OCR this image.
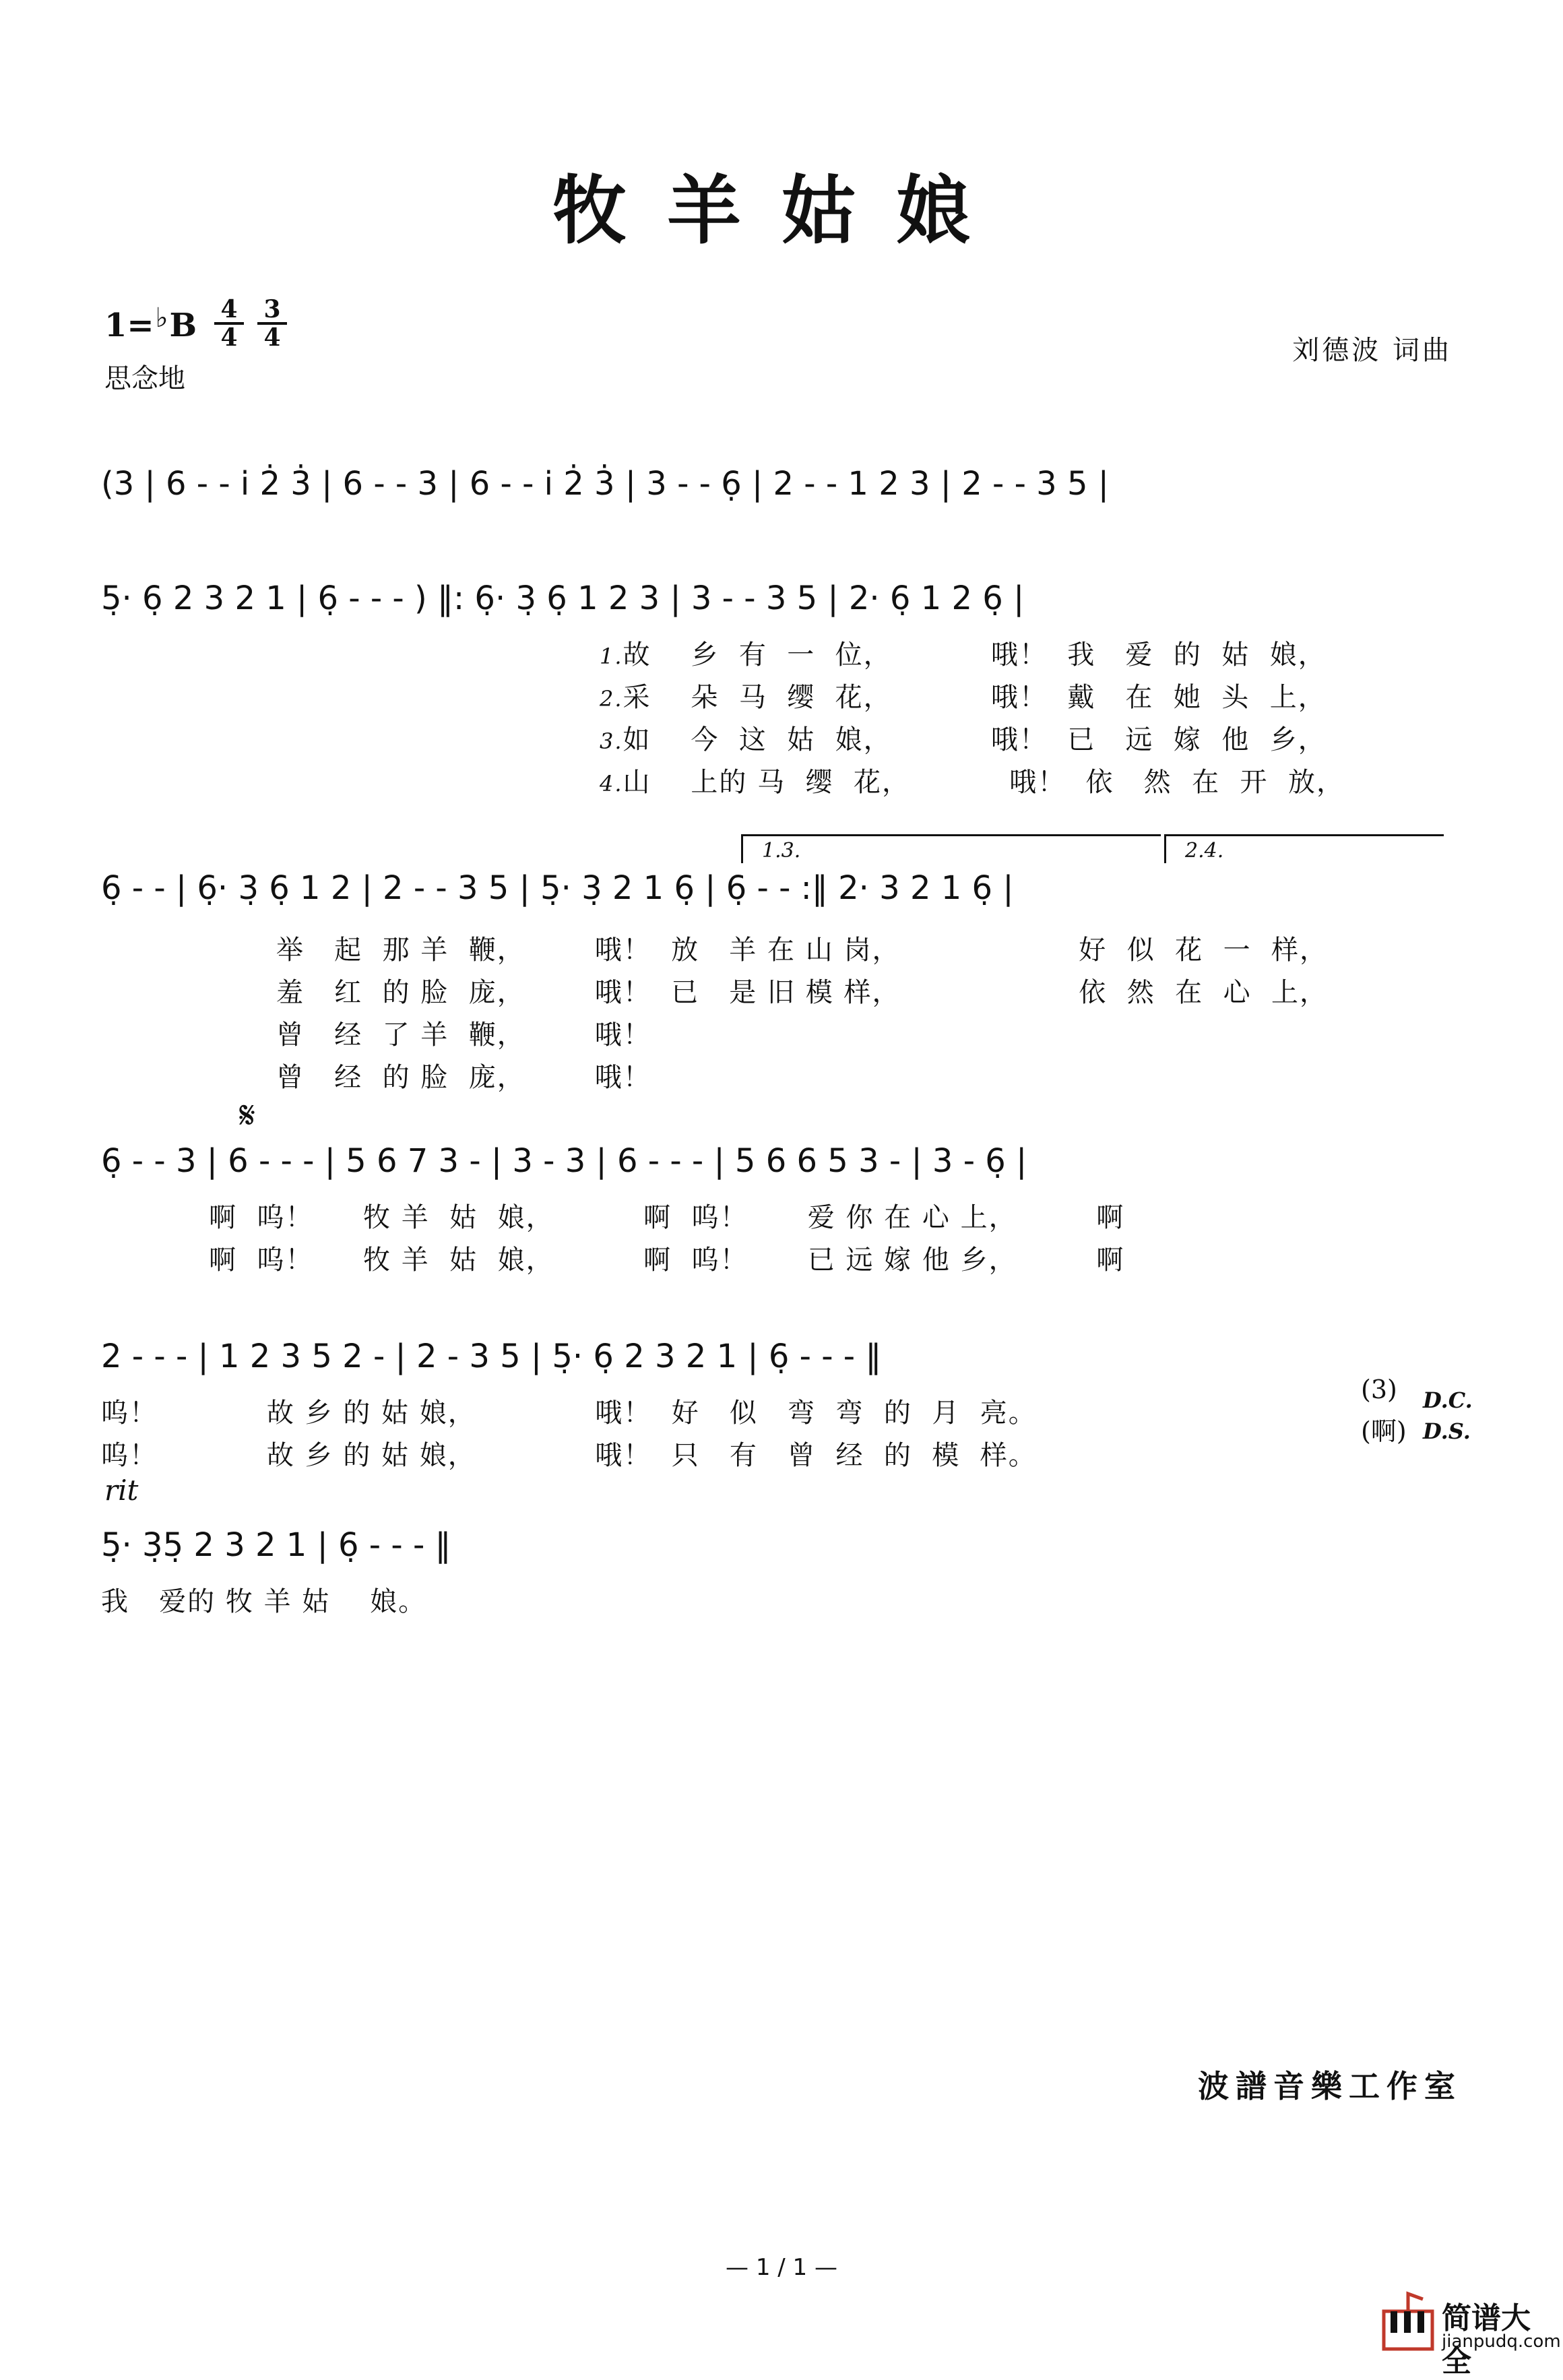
牧羊姑娘
1=♭B 4
4
3
4
思念地
刘德波 词曲
(3 | 6 - - i 2̇ 3̇ | 6 - - 3 | 6 - - i 2̇ 3̇ | 3 - - 6̣ | 2 - - 1 2 3 | 2 - - 3 5 |
5̣· 6̣ 2 3 2 1 | 6̣ - - - ) ‖: 6̣· 3̣ 6̣ 1 2 3 | 3 - - 3 5 | 2· 6̣ 1 2 6̣ |
1.故    乡  有  一  位，          哦！  我   爱  的  姑  娘，
2.采    朵  马  缨  花，          哦！  戴   在  她  头  上，
3.如    今  这  姑  娘，          哦！  已   远  嫁  他  乡，
4.山    上的 马  缨  花，          哦！  依   然  在  开  放，
1.3.	2.4.
6̣ - - | 6̣· 3̣ 6̣ 1 2 | 2 - - 3 5 | 5̣· 3̣ 2 1 6̣ | 6̣ - - :‖ 2· 3 2 1 6̣ |
举   起  那 羊  鞭，       哦！  放   羊 在 山 岗，                  好  似  花  一  样，
羞   红  的 脸  庞，       哦！  已   是 旧 模 样，                  依  然  在  心  上，
曾   经  了 羊  鞭，       哦！
曾   经  的 脸  庞，       哦！
𝄋
6̣ - - 3 | 6 - - - | 5 6 7 3 - | 3 - 3 | 6 - - - | 5 6 6 5 3 - | 3 - 6̣ |
啊  呜！     牧 羊  姑  娘，         啊  呜！      爱 你 在 心 上，        啊
啊  呜！     牧 羊  姑  娘，         啊  呜！      已 远 嫁 他 乡，        啊
2 - - - | 1 2 3 5 2 - | 2 - 3 5 | 5̣· 6̣ 2 3 2 1 | 6̣ - - - ‖
呜！           故 乡 的 姑 娘，            哦！  好   似   弯  弯  的  月  亮。
呜！           故 乡 的 姑 娘，            哦！  只   有   曾  经  的  模  样。
(3)
(啊)
D.C.
D.S.
rit
5̣· 3̣5̣ 2 3 2 1 | 6̣ - - - ‖
我   爱的 牧 羊 姑    娘。
波譜音樂工作室
— 1 / 1 —
简谱大全
jianpudq.com
